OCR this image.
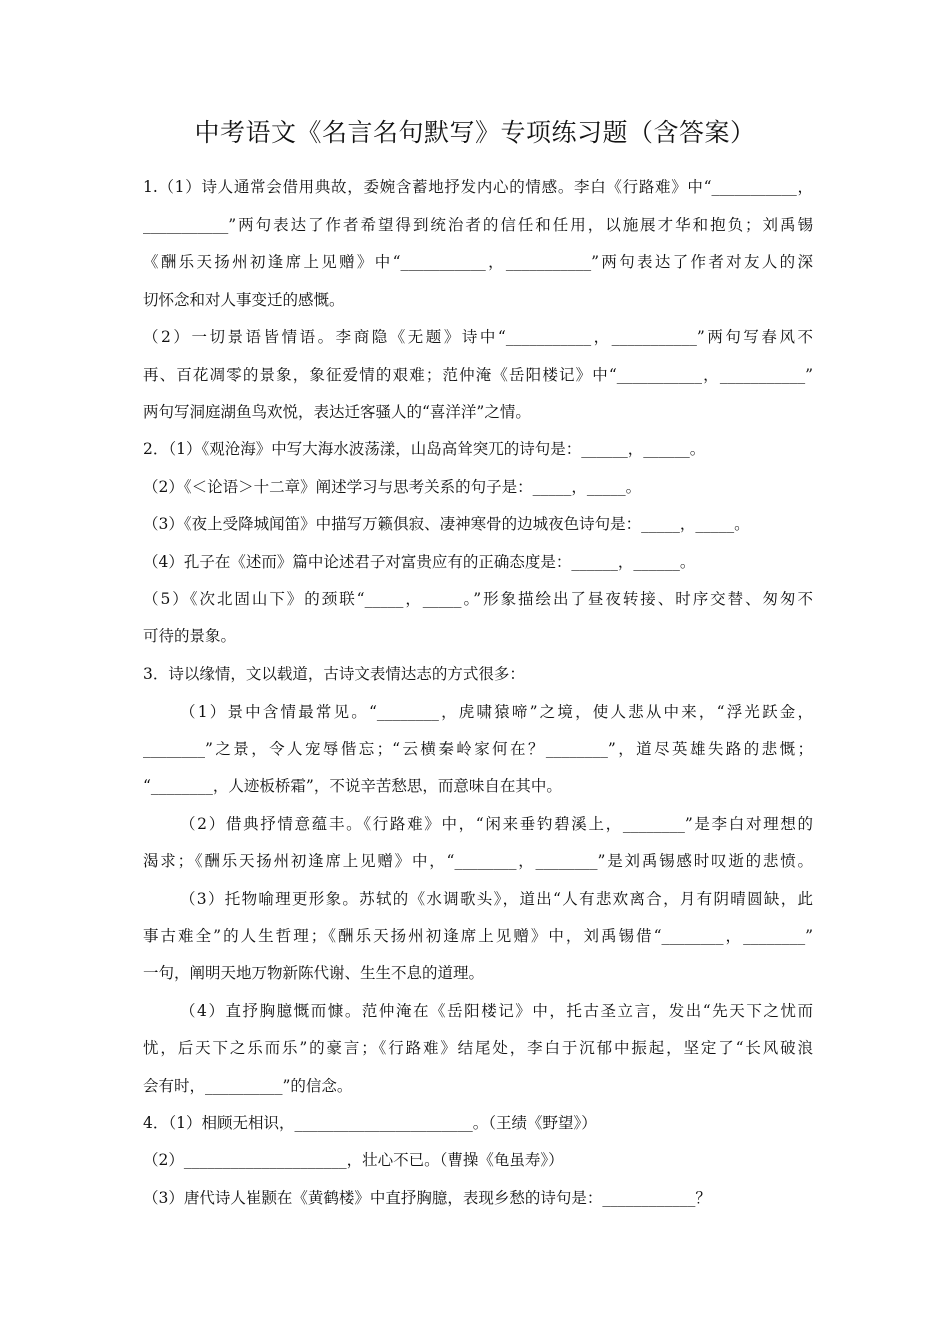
中考语文《名言名句默写》专项练习题（含答案）
1.（1）诗人通常会借用典故，委婉含蓄地抒发内心的情感。李白《行路难》中“___________，
___________”两句表达了作者希望得到统治者的信任和任用，以施展才华和抱负；刘禹锡
《酬乐天扬州初逢席上见赠》中“___________，___________”两句表达了作者对友人的深
切怀念和对人事变迁的感慨。
（2）一切景语皆情语。李商隐《无题》诗中“___________，___________”两句写春风不
再、百花凋零的景象，象征爱情的艰难；范仲淹《岳阳楼记》中“___________，___________”
两句写洞庭湖鱼鸟欢悦，表达迁客骚人的“喜洋洋”之情。
2．（1）《观沧海》中写大海水波荡漾，山岛高耸突兀的诗句是：______，______。
（2）《＜论语＞十二章》阐述学习与思考关系的句子是：_____，_____。
（3）《夜上受降城闻笛》中描写万籁俱寂、凄神寒骨的边城夜色诗句是：_____，_____。
（4）孔子在《述而》篇中论述君子对富贵应有的正确态度是：______，______。
（5）《次北固山下》的颈联“_____，_____。”形象描绘出了昼夜转接、时序交替、匆匆不
可待的景象。
3．诗以缘情，文以载道，古诗文表情达志的方式很多：
（1）景中含情最常见。“________，虎啸猿啼”之境，使人悲从中来，“浮光跃金，
________”之景，令人宠辱偕忘；“云横秦岭家何在？________”，道尽英雄失路的悲慨；
“________，人迹板桥霜”，不说辛苦愁思，而意味自在其中。
（2）借典抒情意蕴丰。《行路难》中，“闲来垂钓碧溪上，________”是李白对理想的
渴求；《酬乐天扬州初逢席上见赠》中，“________，________”是刘禹锡感时叹逝的悲愤。
（3）托物喻理更形象。苏轼的《水调歌头》，道出“人有悲欢离合，月有阴晴圆缺，此
事古难全”的人生哲理；《酬乐天扬州初逢席上见赠》中，刘禹锡借“________，________”
一句，阐明天地万物新陈代谢、生生不息的道理。
（4）直抒胸臆慨而慷。范仲淹在《岳阳楼记》中，托古圣立言，发出“先天下之忧而
忧，后天下之乐而乐”的豪言；《行路难》结尾处，李白于沉郁中振起，坚定了“长风破浪
会有时，__________”的信念。
4．（1）相顾无相识，_______________________。（王绩《野望》）
（2）_____________________，壮心不已。（曹操《龟虽寿》）
（3）唐代诗人崔颢在《黄鹤楼》中直抒胸臆，表现乡愁的诗句是：____________？
